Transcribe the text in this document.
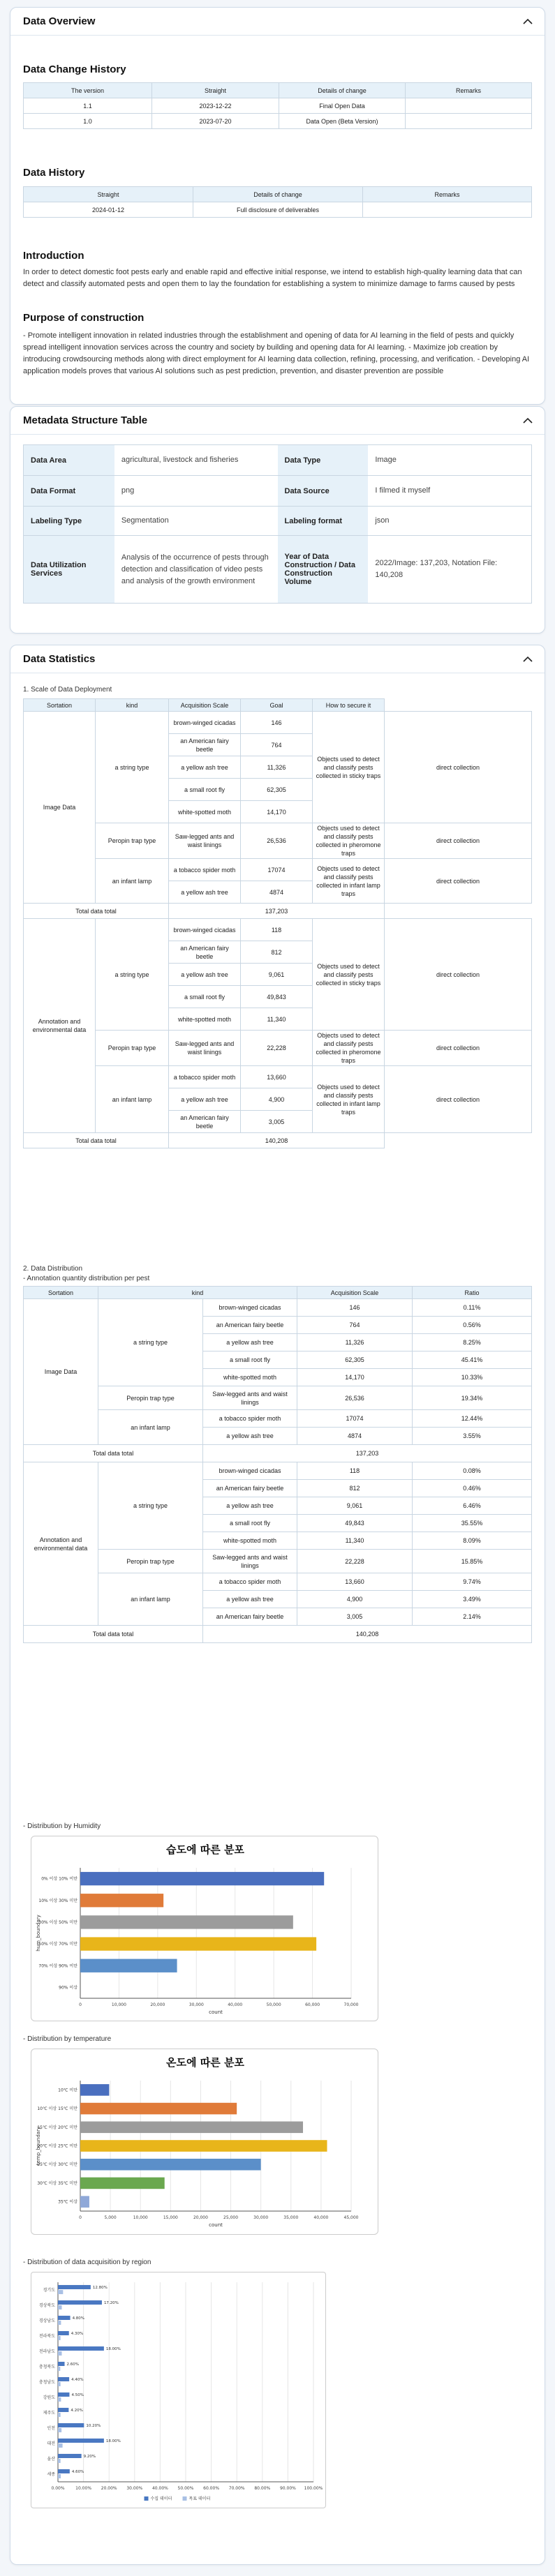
Data Overview
Data Change History
The version	Straight	Details of change	Remarks
1.1	2023-12-22	Final Open Data	
1.0	2023-07-20	Data Open (Beta Version)	
Data History
Straight	Details of change	Remarks
2024-01-12	Full disclosure of deliverables	
Introduction
In order to detect domestic foot pests early and enable rapid and effective initial response, we intend to establish high-quality learning data that can detect and classify automated pests and open them to lay the foundation for establishing a system to minimize damage to farms caused by pests
Purpose of construction
- Promote intelligent innovation in related industries through the establishment and opening of data for AI learning in the field of pests and quickly spread intelligent innovation services across the country and society by building and opening data for AI learning. - Maximize job creation by introducing crowdsourcing methods along with direct employment for AI learning data collection, refining, processing, and verification. - Developing AI application models proves that various AI solutions such as pest prediction, prevention, and disaster prevention are possible
Metadata Structure Table
Data Area	agricultural, livestock and fisheries	Data Type	Image
Data Format	png	Data Source	I filmed it myself
Labeling Type	Segmentation	Labeling format	json
Data Utilization Services
Analysis of the occurrence of pests through detection and classification of video pests and analysis of the growth environment
Year of Data Construction / Data Construction Volume
2022/Image: 137,203, Notation File: 140,208
Data Statistics
1. Scale of Data Deployment
Sortation	kind	Acquisition Scale	Goal	How to secure it	
Image Data	a string type	brown-winged cicadas	146	Objects used to detect and classify pests collected in sticky traps	direct collection
		an American fairy beetle	764		
		a yellow ash tree	11,326		
		a small root fly	62,305		
		white-spotted moth	14,170		
	Peropin trap type	Saw-legged ants and waist linings	26,536	Objects used to detect and classify pests collected in pheromone traps	direct collection
	an infant lamp	a tobacco spider moth	17074	Objects used to detect and classify pests collected in infant lamp traps	direct collection
		a yellow ash tree	4874		
Total data total		137,203			
Annotation and environmental data	a string type	brown-winged cicadas	118	Objects used to detect and classify pests collected in sticky traps	direct collection
		an American fairy beetle	812		
		a yellow ash tree	9,061		
		a small root fly	49,843		
		white-spotted moth	11,340		
	Peropin trap type	Saw-legged ants and waist linings	22,228	Objects used to detect and classify pests collected in pheromone traps	direct collection
	an infant lamp	a tobacco spider moth	13,660	Objects used to detect and classify pests collected in infant lamp traps	direct collection
		a yellow ash tree	4,900		
		an American fairy beetle	3,005		
Total data total		140,208			
2. Data Distribution
- Annotation quantity distribution per pest
Sortation	kind		Acquisition Scale	Ratio
Image Data	a string type	brown-winged cicadas	146	0.11%
		an American fairy beetle	764	0.56%
		a yellow ash tree	11,326	8.25%
		a small root fly	62,305	45.41%
		white-spotted moth	14,170	10.33%
	Peropin trap type	Saw-legged ants and waist linings	26,536	19.34%
	an infant lamp	a tobacco spider moth	17074	12.44%
		a yellow ash tree	4874	3.55%
Total data total		137,203		
Annotation and environmental data	a string type	brown-winged cicadas	118	0.08%
		an American fairy beetle	812	0.46%
		a yellow ash tree	9,061	6.46%
		a small root fly	49,843	35.55%
		white-spotted moth	11,340	8.09%
	Peropin trap type	Saw-legged ants and waist linings	22,228	15.85%
	an infant lamp	a tobacco spider moth	13,660	9.74%
		a yellow ash tree	4,900	3.49%
		an American fairy beetle	3,005	2.14%
Total data total		140,208		
- Distribution by Humidity
습도에 따른 분포
0	10,000	20,000	30,000	40,000	50,000	60,000	70,000
count
hum_boundary
0% 이상 10% 미만
10% 이상 30% 미만
30% 이상 50% 미만
50% 이상 70% 미만
70% 이상 90% 미만
90% 이상
- Distribution by temperature
온도에 따른 분포
0	5,000	10,000	15,000	20,000	25,000	30,000	35,000	40,000	45,000
count
temp_boundary
10℃ 미만
10℃ 이상 15℃ 미만
15℃ 이상 20℃ 미만
20℃ 이상 25℃ 미만
25℃ 이상 30℃ 미만
30℃ 이상 35℃ 미만
35℃ 이상
- Distribution of data acquisition by region
0.00%	10.00% 20.00% 30.00% 40.00% 50.00% 60.00% 70.00% 80.00% 90.00% 100.00%
경기도	12.80%
경상북도	17.20%
경상남도	4.80%
전라북도	4.30%
전라남도	18.00%
충청북도	2.60%
충청남도	4.40%
강원도	4.50%
제주도	4.20%
인천	10.20%
대전	18.00%
울산	9.20%
세종	4.60%
수집 데이터	목표 데이터
